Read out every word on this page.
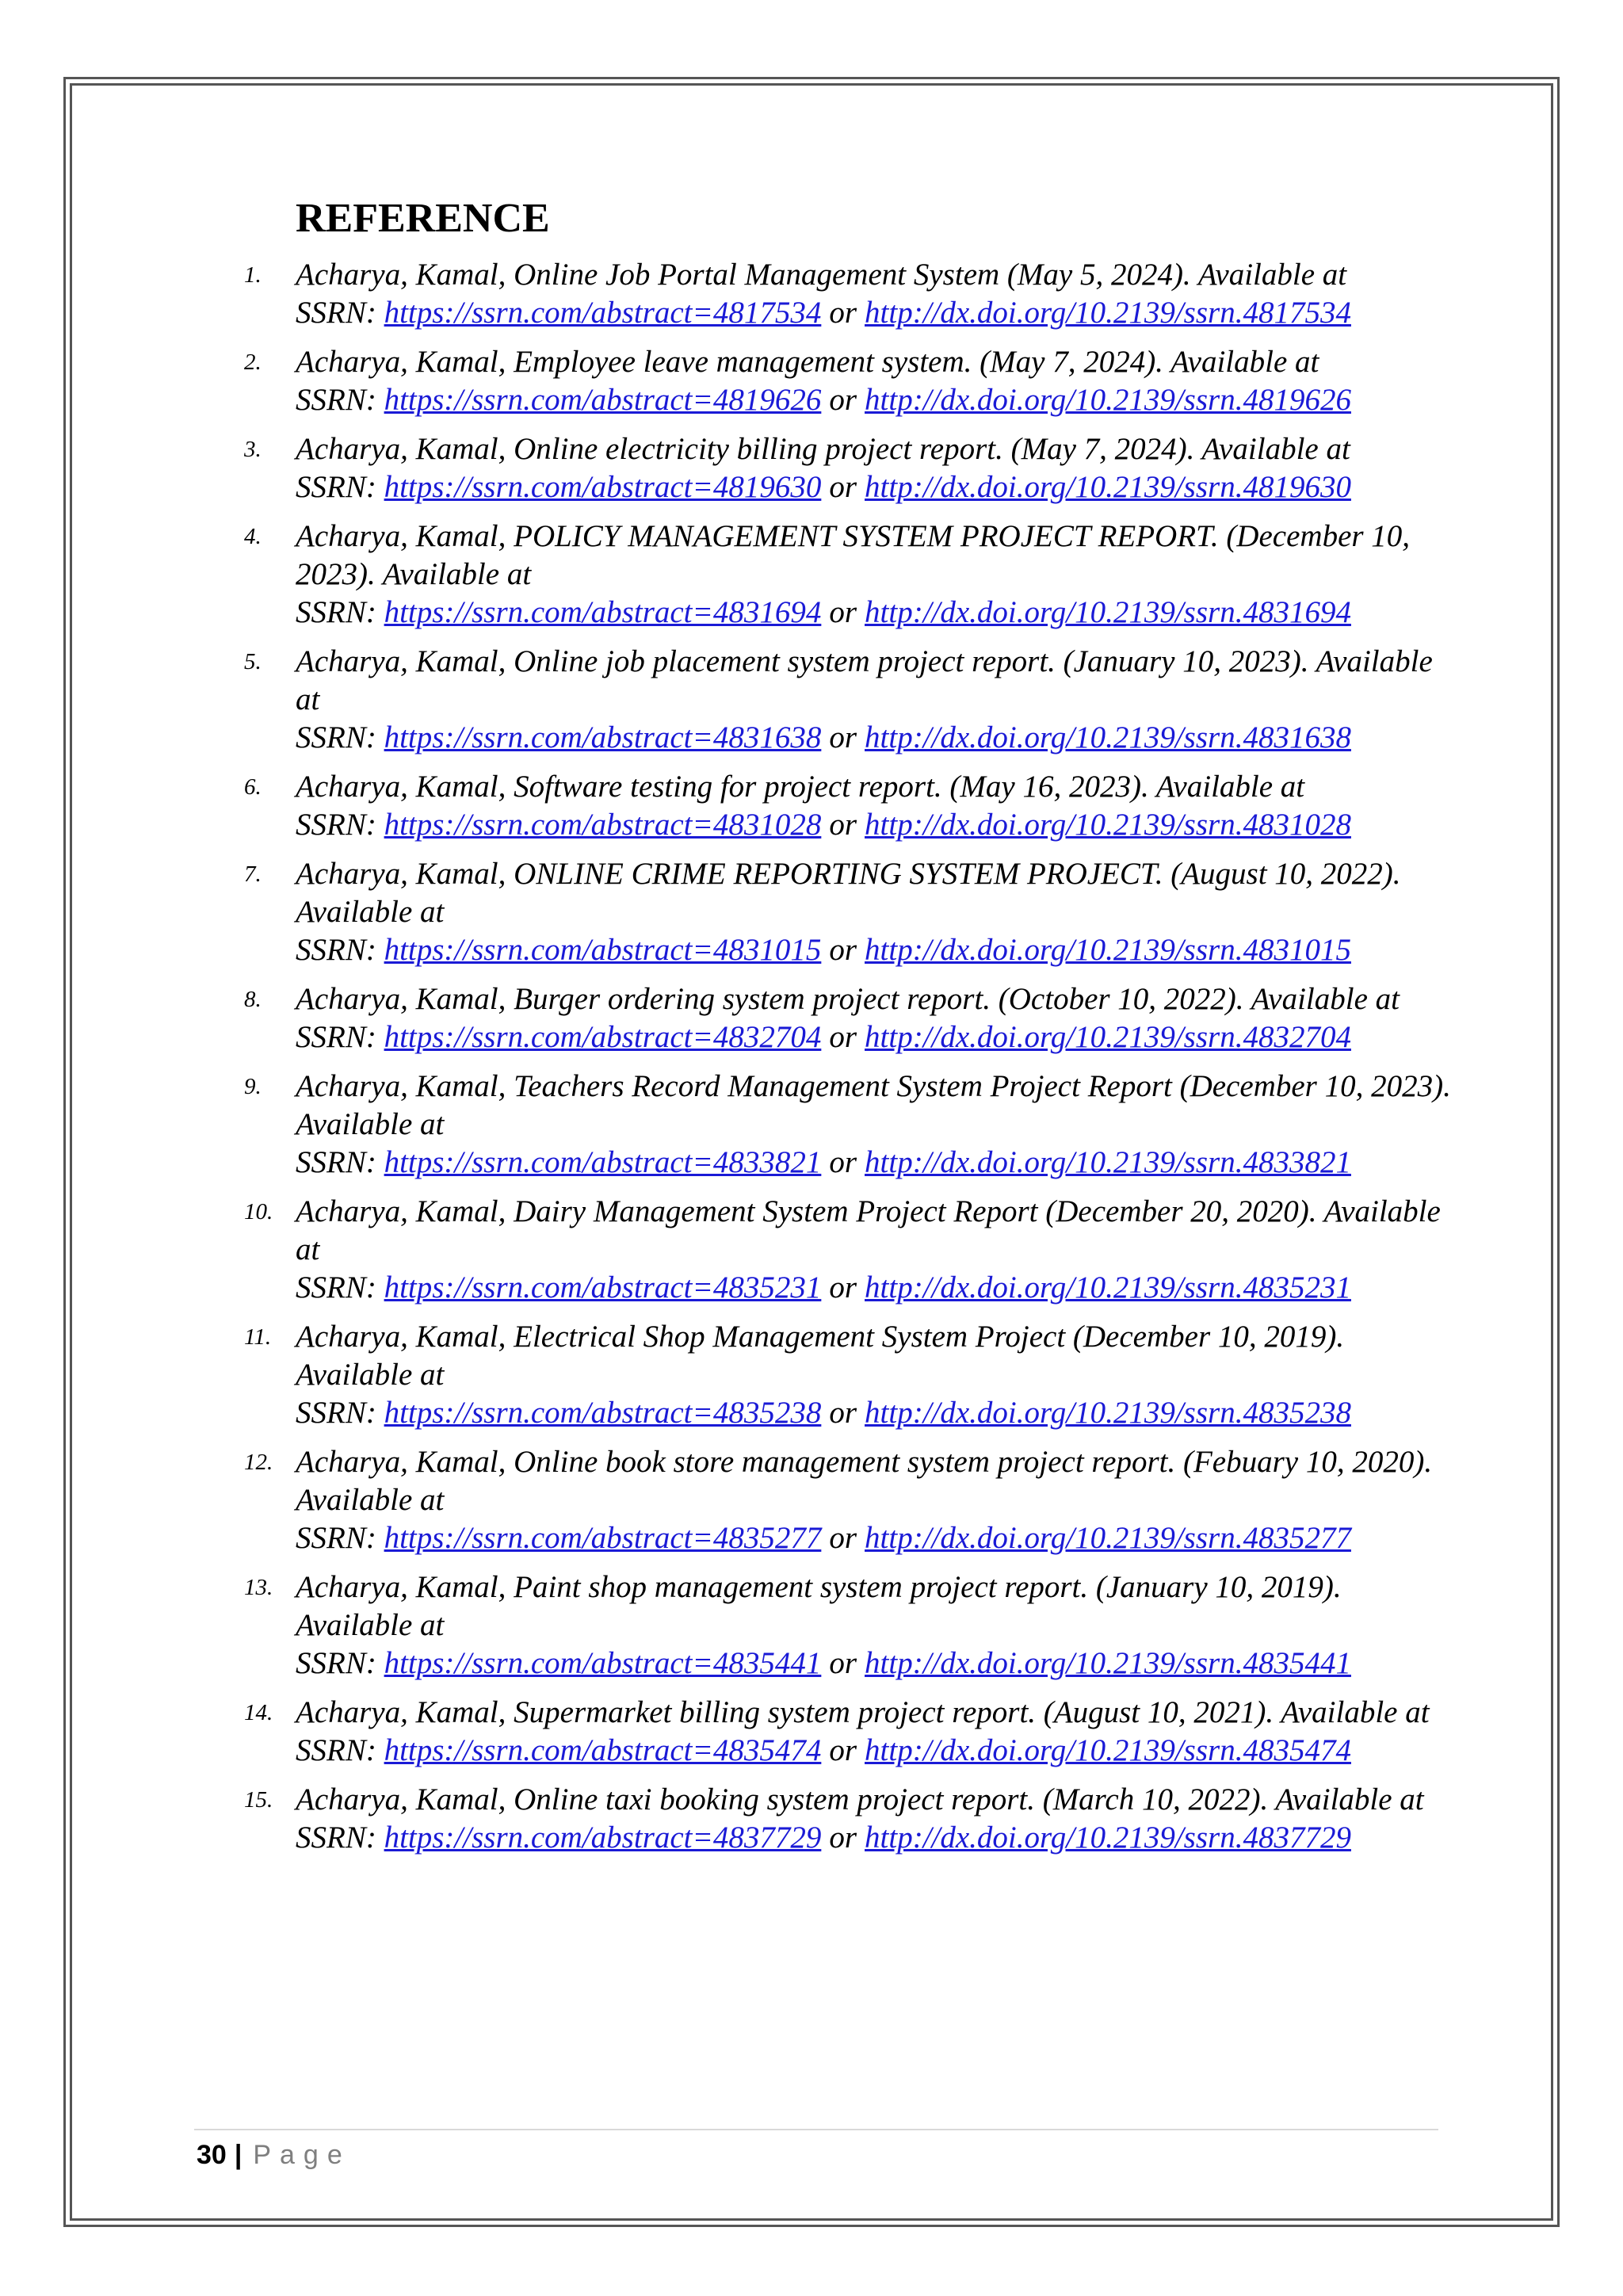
REFERENCE
1. Acharya, Kamal, Online Job Portal Management System (May 5, 2024). Available at
SSRN: https://ssrn.com/abstract=4817534 or http://dx.doi.org/10.2139/ssrn.4817534
2. Acharya, Kamal, Employee leave management system. (May 7, 2024). Available at
SSRN: https://ssrn.com/abstract=4819626 or http://dx.doi.org/10.2139/ssrn.4819626
3. Acharya, Kamal, Online electricity billing project report. (May 7, 2024). Available at
SSRN: https://ssrn.com/abstract=4819630 or http://dx.doi.org/10.2139/ssrn.4819630
4. Acharya, Kamal, POLICY MANAGEMENT SYSTEM PROJECT REPORT. (December 10, 2023). Available at
SSRN: https://ssrn.com/abstract=4831694 or http://dx.doi.org/10.2139/ssrn.4831694
5. Acharya, Kamal, Online job placement system project report. (January 10, 2023). Available at
SSRN: https://ssrn.com/abstract=4831638 or http://dx.doi.org/10.2139/ssrn.4831638
6. Acharya, Kamal, Software testing for project report. (May 16, 2023). Available at
SSRN: https://ssrn.com/abstract=4831028 or http://dx.doi.org/10.2139/ssrn.4831028
7. Acharya, Kamal, ONLINE CRIME REPORTING SYSTEM PROJECT. (August 10, 2022). Available at
SSRN: https://ssrn.com/abstract=4831015 or http://dx.doi.org/10.2139/ssrn.4831015
8. Acharya, Kamal, Burger ordering system project report. (October 10, 2022). Available at
SSRN: https://ssrn.com/abstract=4832704 or http://dx.doi.org/10.2139/ssrn.4832704
9. Acharya, Kamal, Teachers Record Management System Project Report (December 10, 2023). Available at
SSRN: https://ssrn.com/abstract=4833821 or http://dx.doi.org/10.2139/ssrn.4833821
10. Acharya, Kamal, Dairy Management System Project Report (December 20, 2020). Available at
SSRN: https://ssrn.com/abstract=4835231 or http://dx.doi.org/10.2139/ssrn.4835231
11. Acharya, Kamal, Electrical Shop Management System Project (December 10, 2019). Available at
SSRN: https://ssrn.com/abstract=4835238 or http://dx.doi.org/10.2139/ssrn.4835238
12. Acharya, Kamal, Online book store management system project report. (Febuary 10, 2020). Available at
SSRN: https://ssrn.com/abstract=4835277 or http://dx.doi.org/10.2139/ssrn.4835277
13. Acharya, Kamal, Paint shop management system project report. (January 10, 2019). Available at
SSRN: https://ssrn.com/abstract=4835441 or http://dx.doi.org/10.2139/ssrn.4835441
14. Acharya, Kamal, Supermarket billing system project report. (August 10, 2021). Available at
SSRN: https://ssrn.com/abstract=4835474 or http://dx.doi.org/10.2139/ssrn.4835474
15. Acharya, Kamal, Online taxi booking system project report. (March 10, 2022). Available at
SSRN: https://ssrn.com/abstract=4837729 or http://dx.doi.org/10.2139/ssrn.4837729
30 | Page
